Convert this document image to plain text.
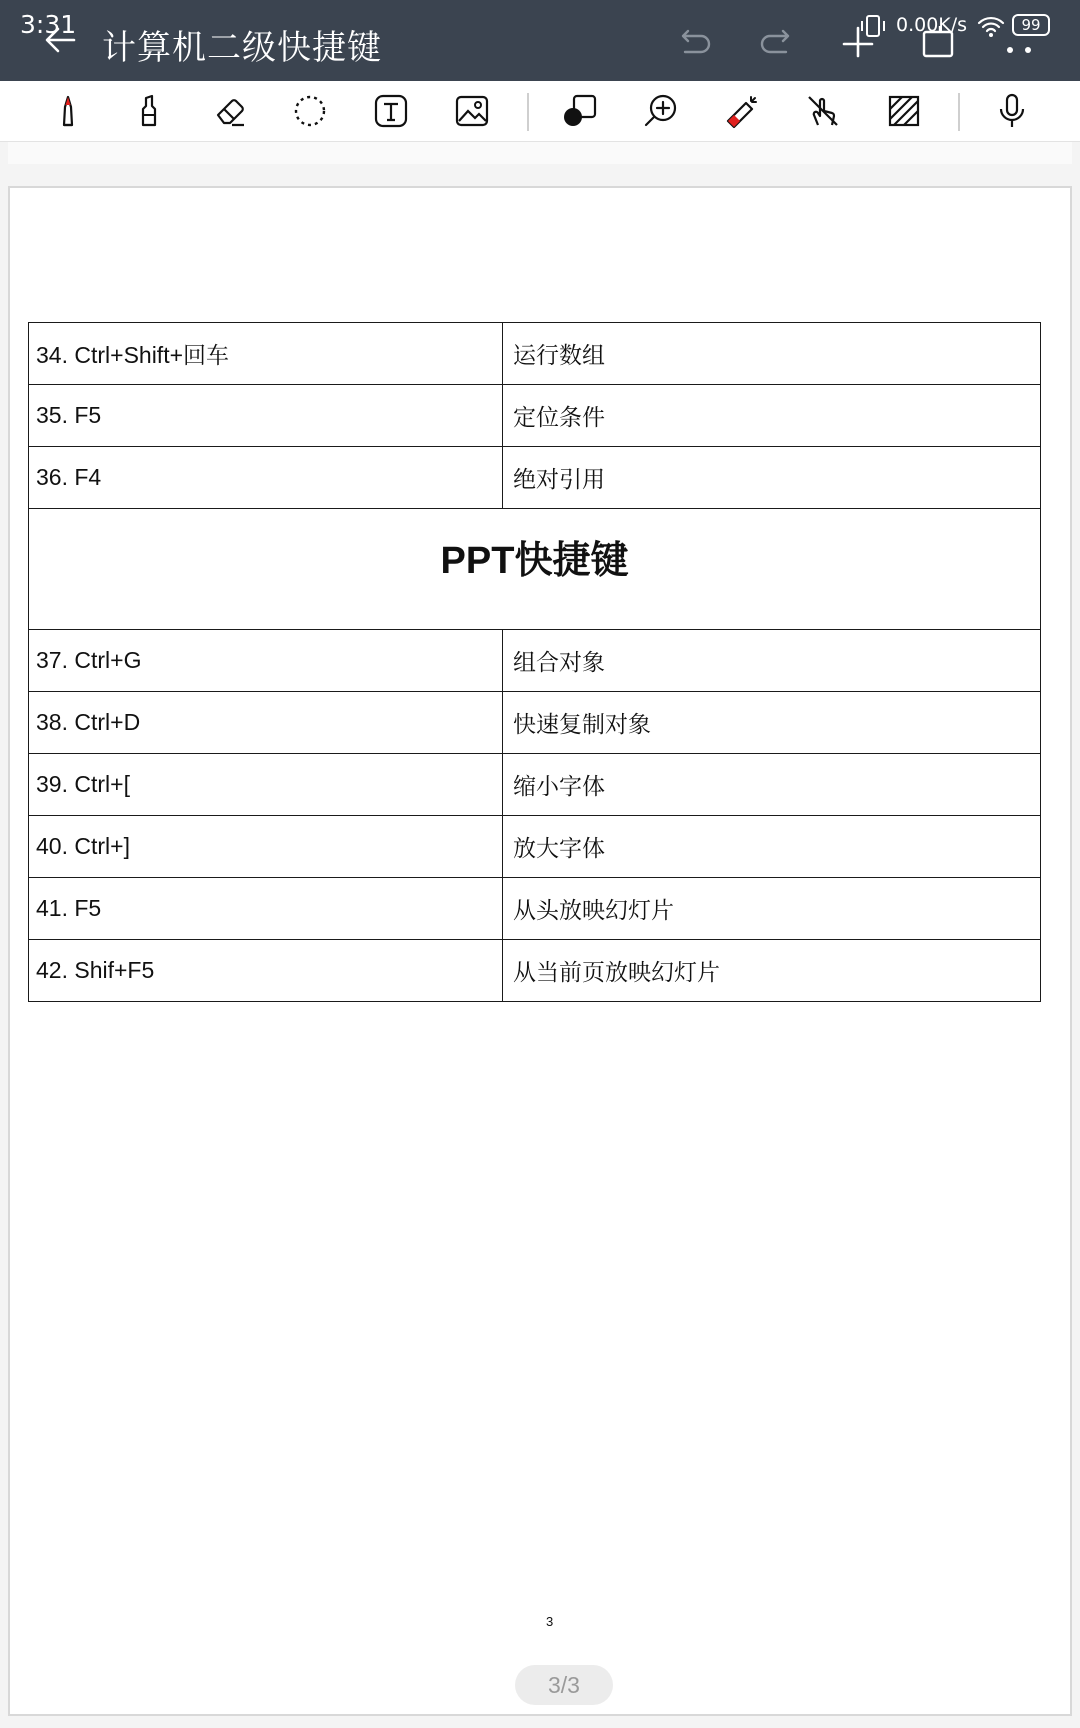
3:31
计算机二级快捷键
0.00K/s	99
34. Ctrl+Shift+回车	运行数组
35. F5	定位条件
36. F4	绝对引用
PPT快捷键	
37. Ctrl+G	组合对象
38. Ctrl+D	快速复制对象
39. Ctrl+[	缩小字体
40. Ctrl+]	放大字体
41. F5	从头放映幻灯片
42. Shif+F5	从当前页放映幻灯片
3
3/3
